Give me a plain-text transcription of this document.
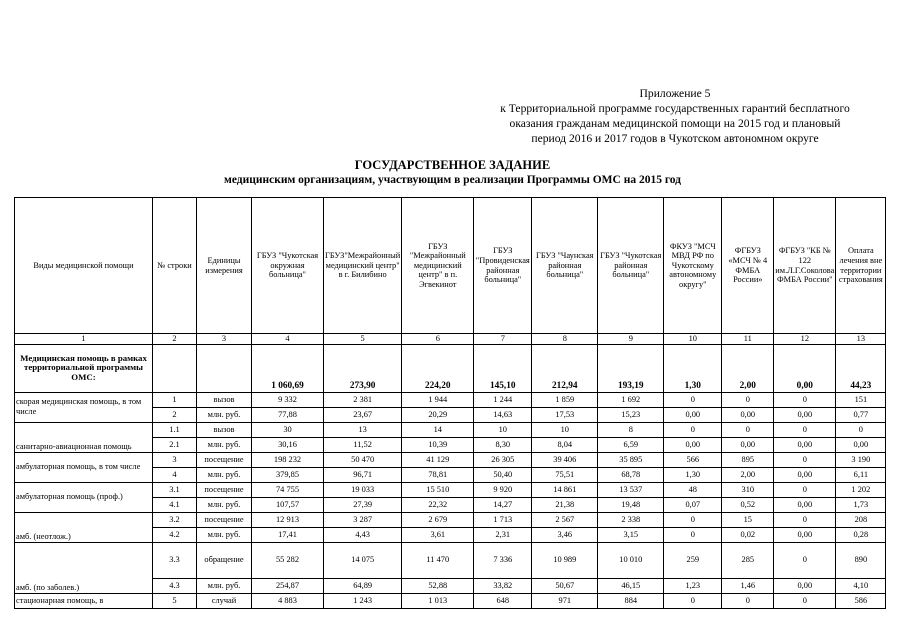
Приложение 5
к Территориальной программе государственных гарантий бесплатного
оказания гражданам медицинской помощи на 2015 год и плановый
период 2016 и 2017 годов в Чукотском автономном округе
ГОСУДАРСТВЕННОЕ ЗАДАНИЕ
медицинским организациям, участвующим в реализации Программы ОМС на 2015 год
Виды медицинской помощи	№ строки	Единицы измерения	ГБУЗ "Чукотская окружная больница"	ГБУЗ"Межрайонный медицинский центр" в г. Билибино	ГБУЗ "Межрайонный медицинский центр" в п. Эгвекинот	ГБУЗ "Провиденская районная больница"	ГБУЗ "Чаунская районная больница"	ГБУЗ "Чукотская районная больница"	ФКУЗ "МСЧ МВД РФ по Чукотскому автономному округу"	ФГБУЗ «МСЧ № 4 ФМБА России»	ФГБУЗ "КБ № 122 им.Л.Г.Соколова ФМБА России"	Оплата лечения вне территории страхования
1	2	3	4	5	6	7	8	9	10	11	12	13
Медицинская помощь в рамках территориальной программы ОМС:			1 060,69	273,90	224,20	145,10	212,94	193,19	1,30	2,00	0,00	44,23
скорая медицинская помощь, в том числе	1	вызов	9 332	2 381	1 944	1 244	1 859	1 692	0	0	0	151
	2	млн. руб.	77,88	23,67	20,29	14,63	17,53	15,23	0,00	0,00	0,00	0,77
санитарно-авиационная помощь	1.1	вызов	30	13	14	10	10	8	0	0	0	0
	2.1	млн. руб.	30,16	11,52	10,39	8,30	8,04	6,59	0,00	0,00	0,00	0,00
амбулаторная помощь, в том числе	3	посещение	198 232	50 470	41 129	26 305	39 406	35 895	566	895	0	3 190
	4	млн. руб.	379,85	96,71	78,81	50,40	75,51	68,78	1,30	2,00	0,00	6,11
амбулаторная помощь (проф.)	3.1	посещение	74 755	19 033	15 510	9 920	14 861	13 537	48	310	0	1 202
	4.1	млн. руб.	107,57	27,39	22,32	14,27	21,38	19,48	0,07	0,52	0,00	1,73
амб. (неотлож.)	3.2	посещение	12 913	3 287	2 679	1 713	2 567	2 338	0	15	0	208
	4.2	млн. руб.	17,41	4,43	3,61	2,31	3,46	3,15	0	0,02	0,00	0,28
амб. (по заболев.)	3.3	обращение	55 282	14 075	11 470	7 336	10 989	10 010	259	285	0	890
	4.3	млн. руб.	254,87	64,89	52,88	33,82	50,67	46,15	1,23	1,46	0,00	4,10
стационарная помощь, в	5	случай	4 883	1 243	1 013	648	971	884	0	0	0	586
